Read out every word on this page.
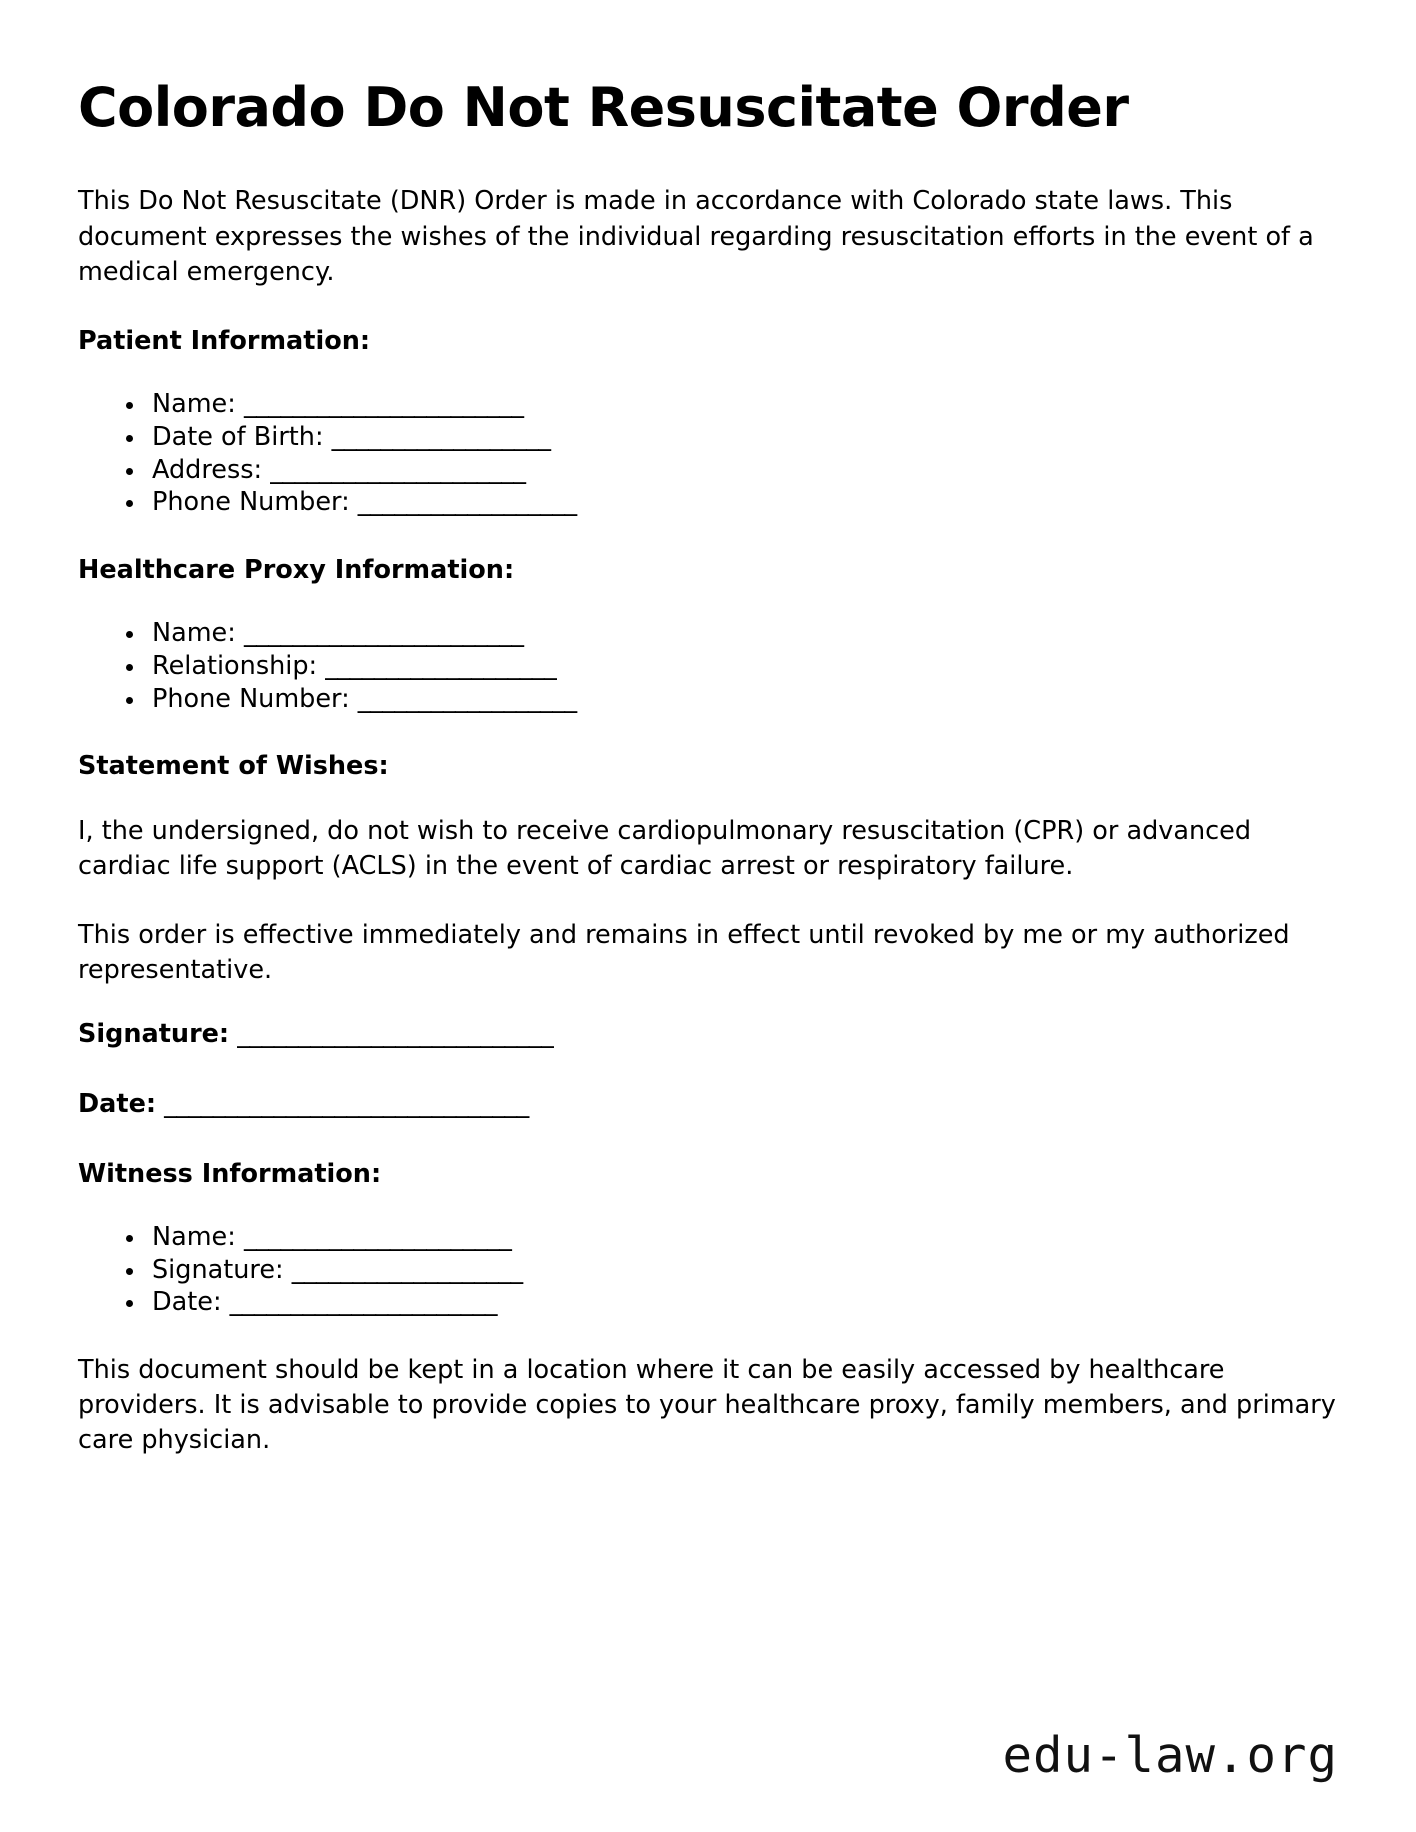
Colorado Do Not Resuscitate Order

This Do Not Resuscitate (DNR) Order is made in accordance with Colorado state laws. This document expresses the wishes of the individual regarding resuscitation efforts in the event of a medical emergency.

Patient Information:
Name: _______________________
Date of Birth: __________________
Address: _____________________
Phone Number: __________________
Healthcare Proxy Information:
Name: _______________________
Relationship: ___________________
Phone Number: __________________
Statement of Wishes:

I, the undersigned, do not wish to receive cardiopulmonary resuscitation (CPR) or advanced cardiac life support (ACLS) in the event of cardiac arrest or respiratory failure.

This order is effective immediately and remains in effect until revoked by me or my authorized representative.

Signature: __________________________
Date: ______________________________
Witness Information:
Name: ______________________
Signature: ___________________
Date: ______________________

This document should be kept in a location where it can be easily accessed by healthcare providers. It is advisable to provide copies to your healthcare proxy, family members, and primary care physician.

edu-law.org
